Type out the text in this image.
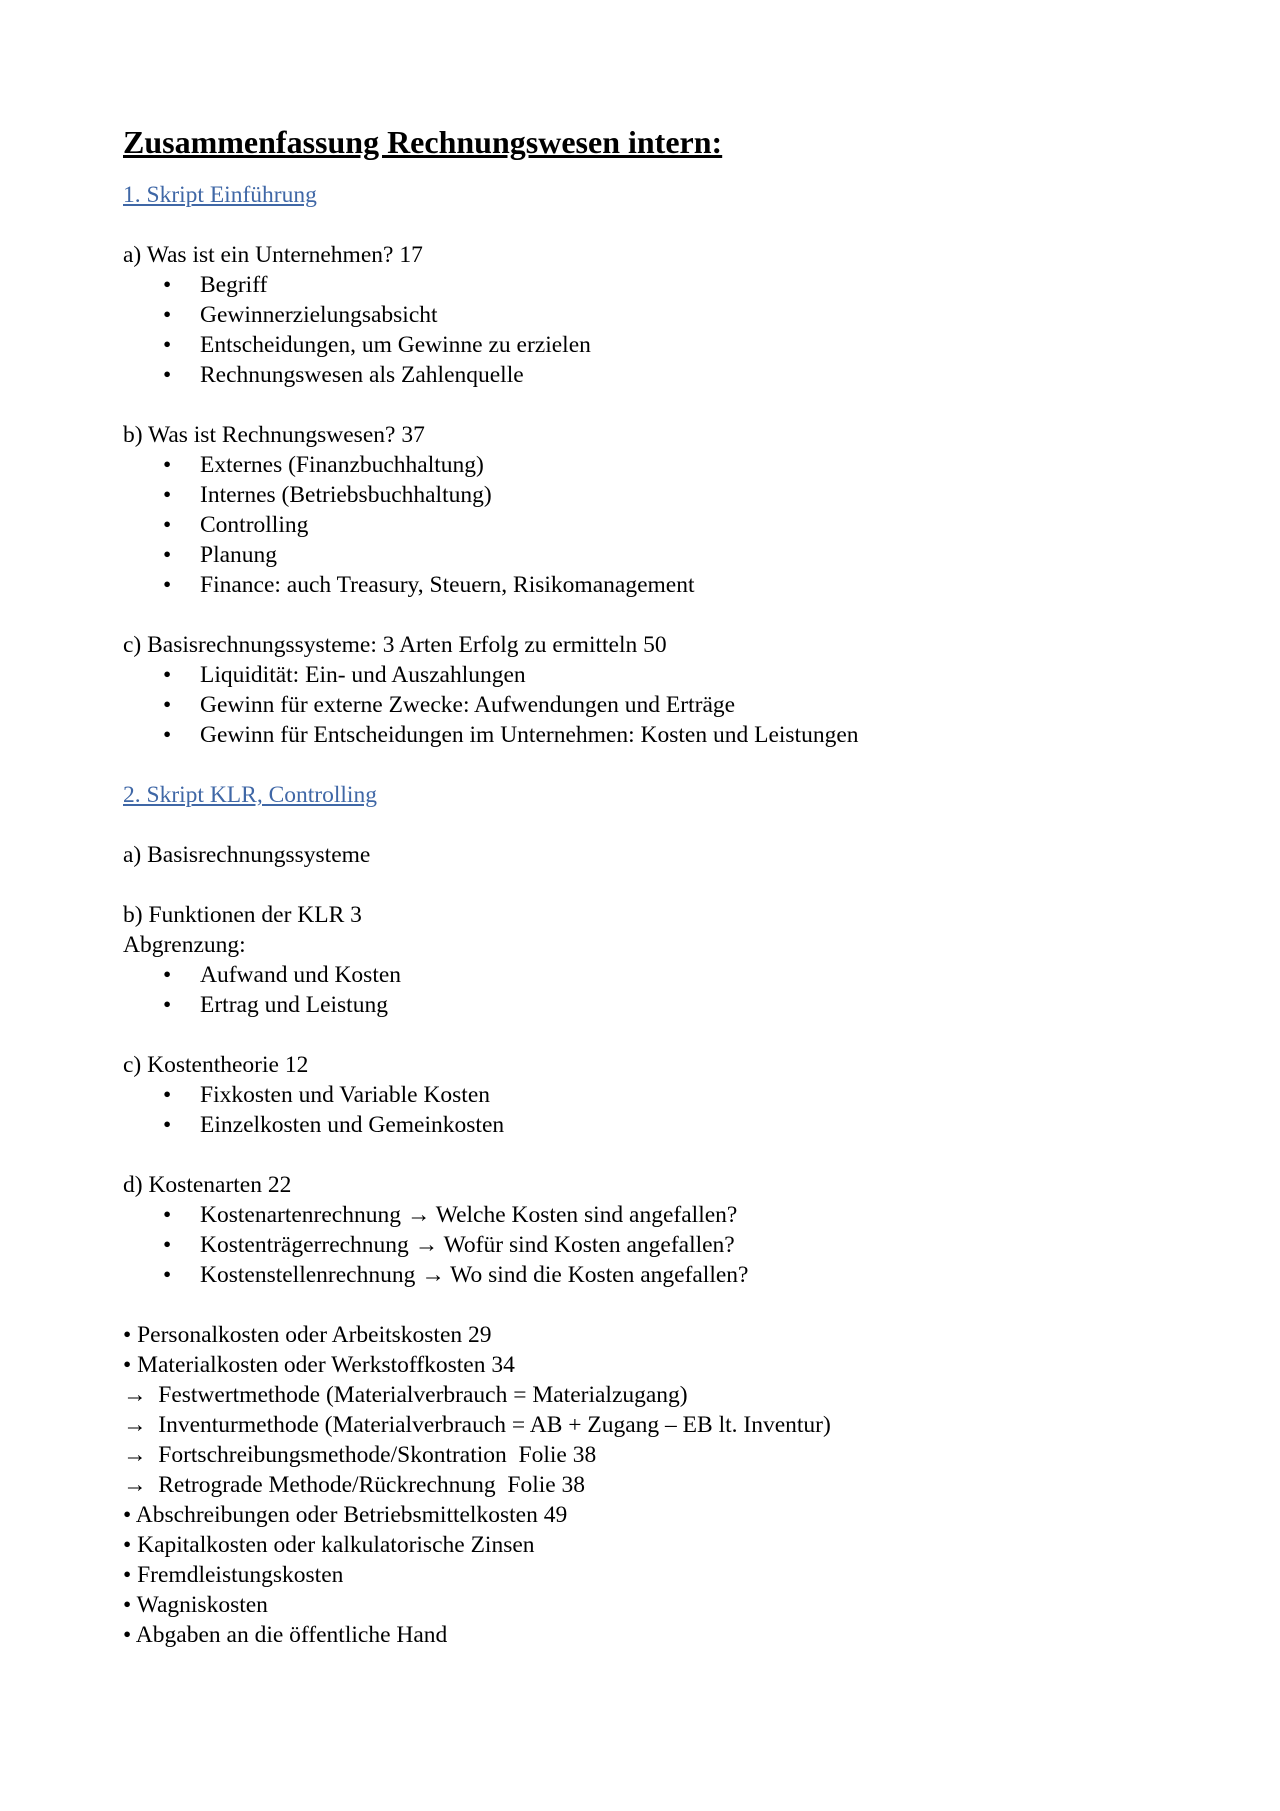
Zusammenfassung Rechnungswesen intern:

1. Skript Einführung

a) Was ist ein Unternehmen? 17

• Begriff
• Gewinnerzielungsabsicht
• Entscheidungen, um Gewinne zu erzielen
• Rechnungswesen als Zahlenquelle

b) Was ist Rechnungswesen? 37

• Externes (Finanzbuchhaltung)
• Internes (Betriebsbuchhaltung)
• Controlling
• Planung
• Finance: auch Treasury, Steuern, Risikomanagement

c) Basisrechnungssysteme: 3 Arten Erfolg zu ermitteln 50

• Liquidität: Ein- und Auszahlungen
• Gewinn für externe Zwecke: Aufwendungen und Erträge
• Gewinn für Entscheidungen im Unternehmen: Kosten und Leistungen

2. Skript KLR, Controlling

a) Basisrechnungssysteme

b) Funktionen der KLR 3

Abgrenzung:

• Aufwand und Kosten
• Ertrag und Leistung

c) Kostentheorie 12

• Fixkosten und Variable Kosten
• Einzelkosten und Gemeinkosten

d) Kostenarten 22

• Kostenartenrechnung → Welche Kosten sind angefallen?
• Kostenträgerrechnung → Wofür sind Kosten angefallen?
• Kostenstellenrechnung → Wo sind die Kosten angefallen?

• Personalkosten oder Arbeitskosten 29

• Materialkosten oder Werkstoffkosten 34

→  Festwertmethode (Materialverbrauch = Materialzugang)

→  Inventurmethode (Materialverbrauch = AB + Zugang – EB lt. Inventur)

→  Fortschreibungsmethode/Skontration  Folie 38

→  Retrograde Methode/Rückrechnung  Folie 38

• Abschreibungen oder Betriebsmittelkosten 49

• Kapitalkosten oder kalkulatorische Zinsen

• Fremdleistungskosten

• Wagniskosten

• Abgaben an die öffentliche Hand
